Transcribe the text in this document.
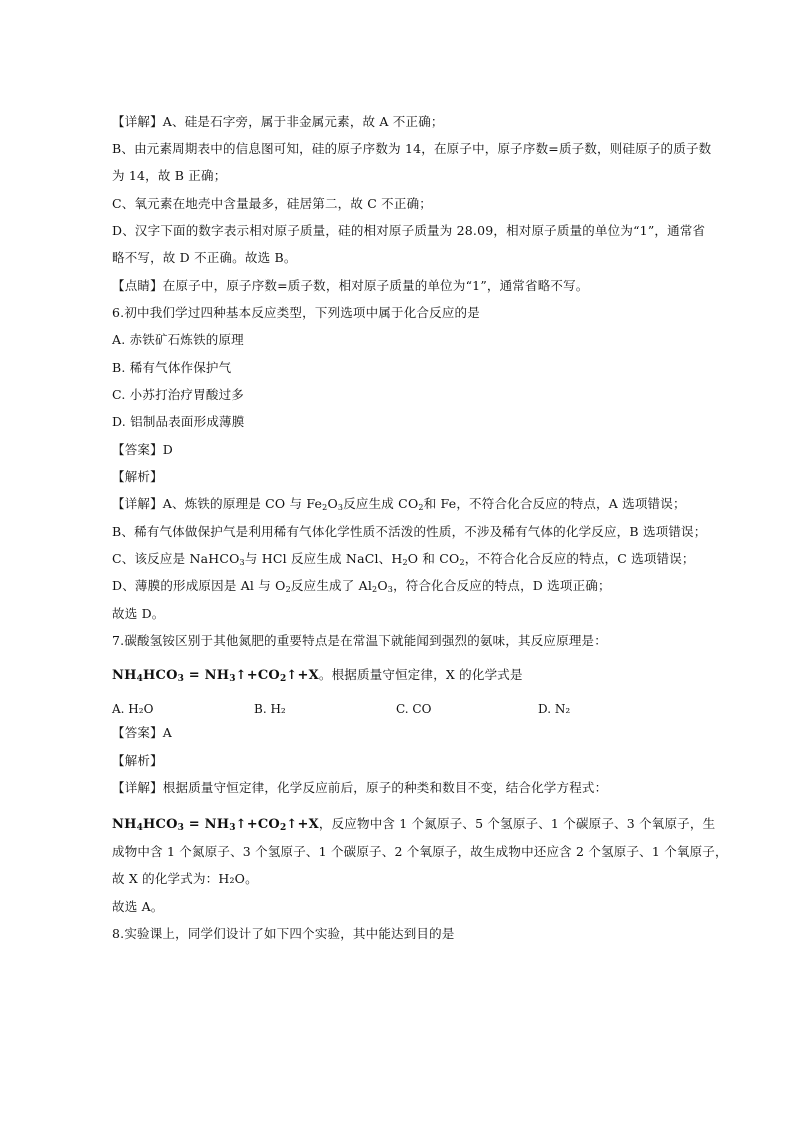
【详解】A、硅是石字旁，属于非金属元素，故 A 不正确；
B、由元素周期表中的信息图可知，硅的原子序数为 14，在原子中，原子序数=质子数，则硅原子的质子数
为 14，故 B 正确；
C、氧元素在地壳中含量最多，硅居第二，故 C 不正确；
D、汉字下面的数字表示相对原子质量，硅的相对原子质量为 28.09，相对原子质量的单位为“1”，通常省
略不写，故 D 不正确。故选 B。
【点睛】在原子中，原子序数=质子数，相对原子质量的单位为“1”，通常省略不写。
6.初中我们学过四种基本反应类型，下列选项中属于化合反应的是
A. 赤铁矿石炼铁的原理
B. 稀有气体作保护气
C. 小苏打治疗胃酸过多
D. 铝制品表面形成薄膜
【答案】D
【解析】
【详解】A、炼铁的原理是 CO 与 $Fe_2O_3$反应生成 $CO_2$和 Fe，不符合化合反应的特点，A 选项错误；
B、稀有气体做保护气是利用稀有气体化学性质不活泼的性质，不涉及稀有气体的化学反应，B 选项错误；
C、该反应是 NaHCO$_3$与 HCl 反应生成 NaCl、$H_2O$ 和 $CO_2$，不符合化合反应的特点，C 选项错误；
D、薄膜的形成原因是 Al 与 $O_2$反应生成了 $Al_2O_3$，符合化合反应的特点，D 选项正确；
故选 D。
7.碳酸氢铵区别于其他氮肥的重要特点是在常温下就能闻到强烈的氨味，其反应原理是：
$NH_4HCO_3$ = $NH_3↑+CO_2↑+X$。根据质量守恒定律，X 的化学式是
A. H₂O	B. H₂	C. CO	D. N₂
【答案】A
【解析】
【详解】根据质量守恒定律，化学反应前后，原子的种类和数目不变，结合化学方程式：
$NH_4HCO_3$ = $NH_3↑+CO_2↑+X$，反应物中含 1 个氮原子、5 个氢原子、1 个碳原子、3 个氧原子，生
成物中含 1 个氮原子、3 个氢原子、1 个碳原子、2 个氧原子，故生成物中还应含 2 个氢原子、1 个氧原子，
故 X 的化学式为：H₂O。
故选 A。
8.实验课上，同学们设计了如下四个实验，其中能达到目的是
